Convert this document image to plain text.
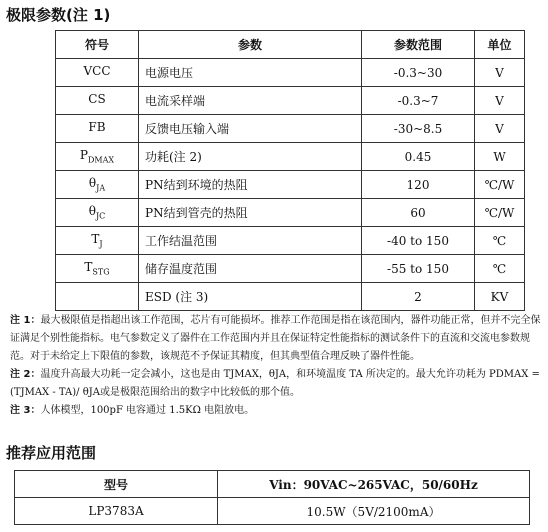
极限参数(注 1)
符号	参数	参数范围	单位
VCC	电源电压	-0.3~30	V
CS	电流采样端	-0.3~7	V
FB	反馈电压输入端	-30~8.5	V
$P_{DMAX}$	功耗(注 2)	0.45	W
$\theta_{JA}$	PN结到环境的热阻	120	℃/W
$\theta_{JC}$	PN结到管壳的热阻	60	℃/W
$T_J$	工作结温范围	-40 to 150	℃
$T_{STG}$	储存温度范围	-55 to 150	℃
	ESD (注 3)	2	KV

注 1：最大极限值是指超出该工作范围，芯片有可能损坏。推荐工作范围是指在该范围内，器件功能正常，但并不完全保证满足个别性能指标。电气参数定义了器件在工作范围内并且在保证特定性能指标的测试条件下的直流和交流电参数规范。对于未给定上下限值的参数，该规范不予保证其精度，但其典型值合理反映了器件性能。

注 2：温度升高最大功耗一定会减小，这也是由 TJMAX，θJA，和环境温度 TA 所决定的。最大允许功耗为 PDMAX = (TJMAX - TA)/ θJA或是极限范围给出的数字中比较低的那个值。

注 3：人体模型，100pF 电容通过 1.5KΩ 电阻放电。

推荐应用范围
型号	Vin：90VAC~265VAC，50/60Hz
LP3783A	10.5W（5V/2100mA）
